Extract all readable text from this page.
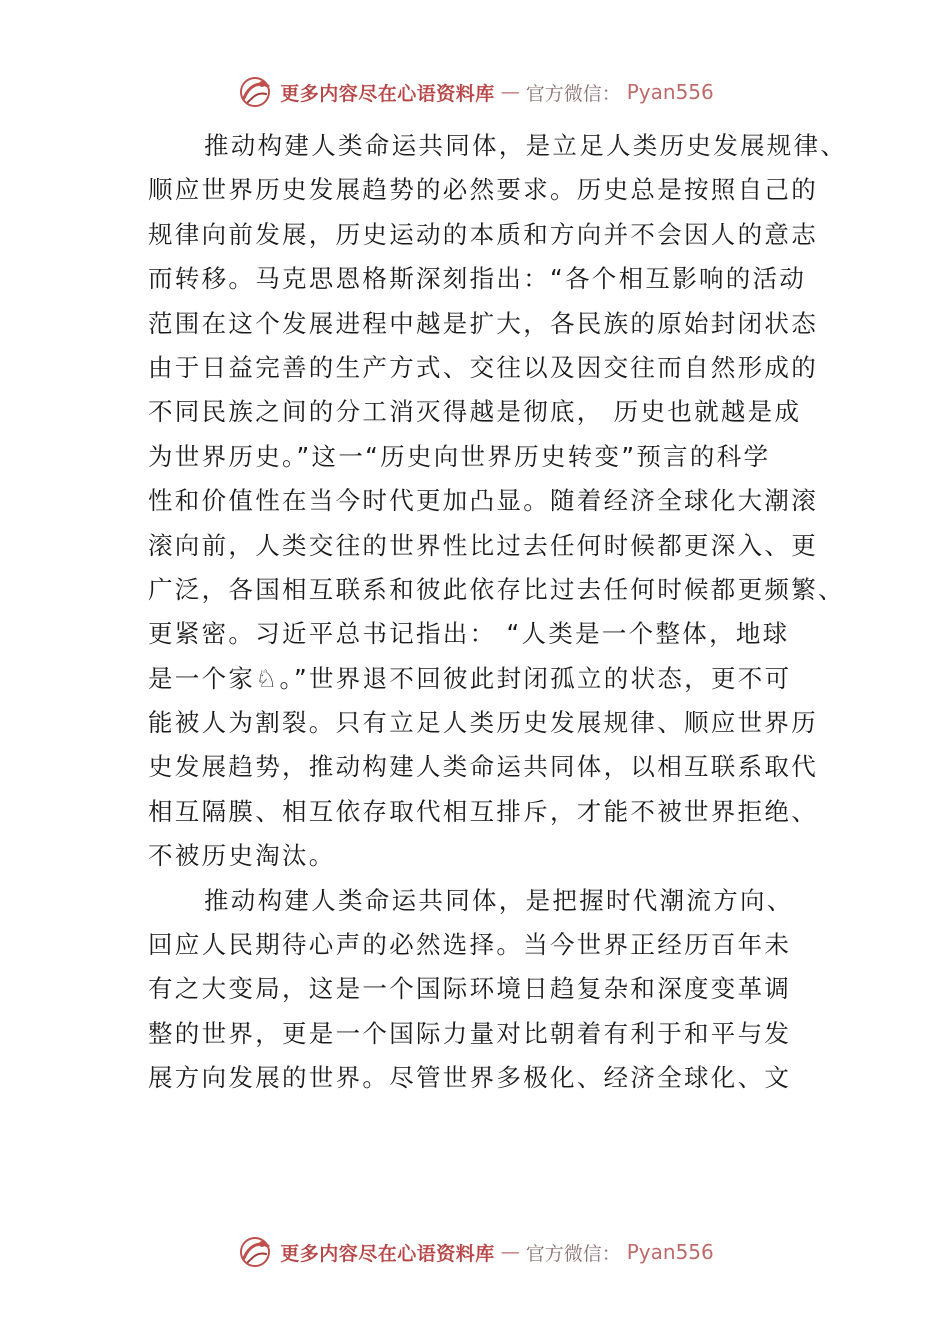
更多内容尽在心语资料库 — 官方微信： Pyan556
推动构建人类命运共同体，是立足人类历史发展规律、
顺应世界历史发展趋势的必然要求。历史总是按照自己的
规律向前发展，历史运动的本质和方向并不会因人的意志
而转移。马克思恩格斯深刻指出：“各个相互影响的活动
范围在这个发展进程中越是扩大，各民族的原始封闭状态
由于日益完善的生产方式、交往以及因交往而自然形成的
不同民族之间的分工消灭得越是彻底， 历史也就越是成
为世界历史。”这一“历史向世界历史转变”预言的科学
性和价值性在当今时代更加凸显。随着经济全球化大潮滚
滚向前，人类交往的世界性比过去任何时候都更深入、更
广泛，各国相互联系和彼此依存比过去任何时候都更频繁、
更紧密。习近平总书记指出： “人类是一个整体，地球
是一个家♘。”世界退不回彼此封闭孤立的状态，更不可
能被人为割裂。只有立足人类历史发展规律、顺应世界历
史发展趋势，推动构建人类命运共同体，以相互联系取代
相互隔膜、相互依存取代相互排斥，才能不被世界拒绝、
不被历史淘汰。
推动构建人类命运共同体，是把握时代潮流方向、
回应人民期待心声的必然选择。当今世界正经历百年未
有之大变局，这是一个国际环境日趋复杂和深度变革调
整的世界，更是一个国际力量对比朝着有利于和平与发
展方向发展的世界。尽管世界多极化、经济全球化、文
更多内容尽在心语资料库 — 官方微信： Pyan556
